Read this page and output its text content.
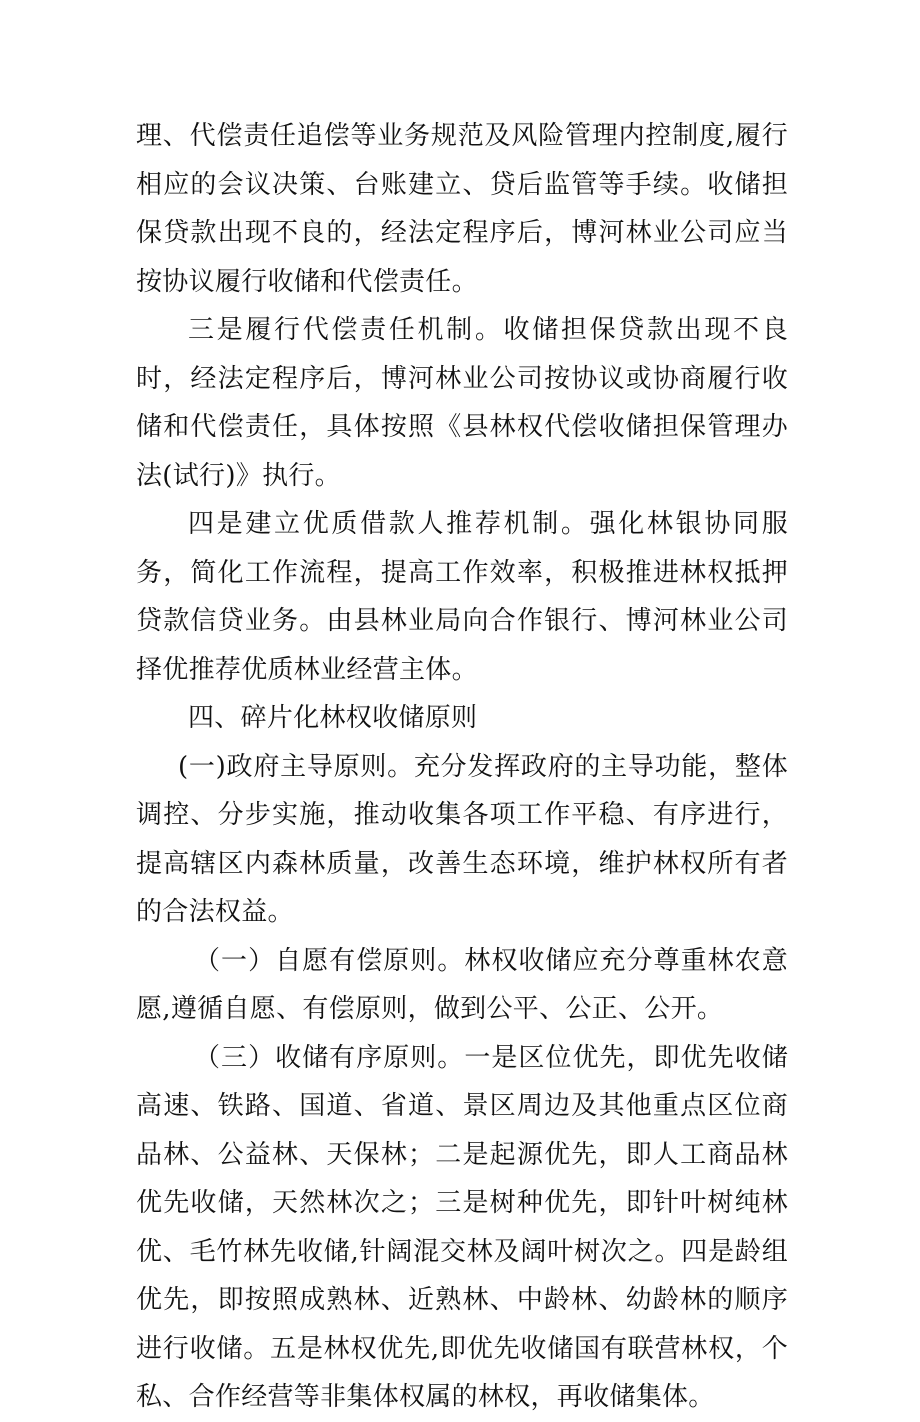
理、代偿责任追偿等业务规范及风险管理内控制度,履行相应的会议决策、台账建立、贷后监管等手续。收储担保贷款出现不良的，经法定程序后，博河林业公司应当按协议履行收储和代偿责任。

三是履行代偿责任机制。收储担保贷款出现不良时，经法定程序后，博河林业公司按协议或协商履行收储和代偿责任，具体按照《县林权代偿收储担保管理办法(试行)》执行。

四是建立优质借款人推荐机制。强化林银协同服务，简化工作流程，提高工作效率，积极推进林权抵押贷款信贷业务。由县林业局向合作银行、博河林业公司择优推荐优质林业经营主体。

四、碎片化林权收储原则

(一)政府主导原则。充分发挥政府的主导功能，整体调控、分步实施，推动收集各项工作平稳、有序进行，提高辖区内森林质量，改善生态环境，维护林权所有者的合法权益。

（一）自愿有偿原则。林权收储应充分尊重林农意愿,遵循自愿、有偿原则，做到公平、公正、公开。

（三）收储有序原则。一是区位优先，即优先收储高速、铁路、国道、省道、景区周边及其他重点区位商品林、公益林、天保林；二是起源优先，即人工商品林优先收储，天然林次之；三是树种优先，即针叶树纯林优、毛竹林先收储,针阔混交林及阔叶树次之。四是龄组优先，即按照成熟林、近熟林、中龄林、幼龄林的顺序进行收储。五是林权优先,即优先收储国有联营林权，个私、合作经营等非集体权属的林权，再收储集体。
